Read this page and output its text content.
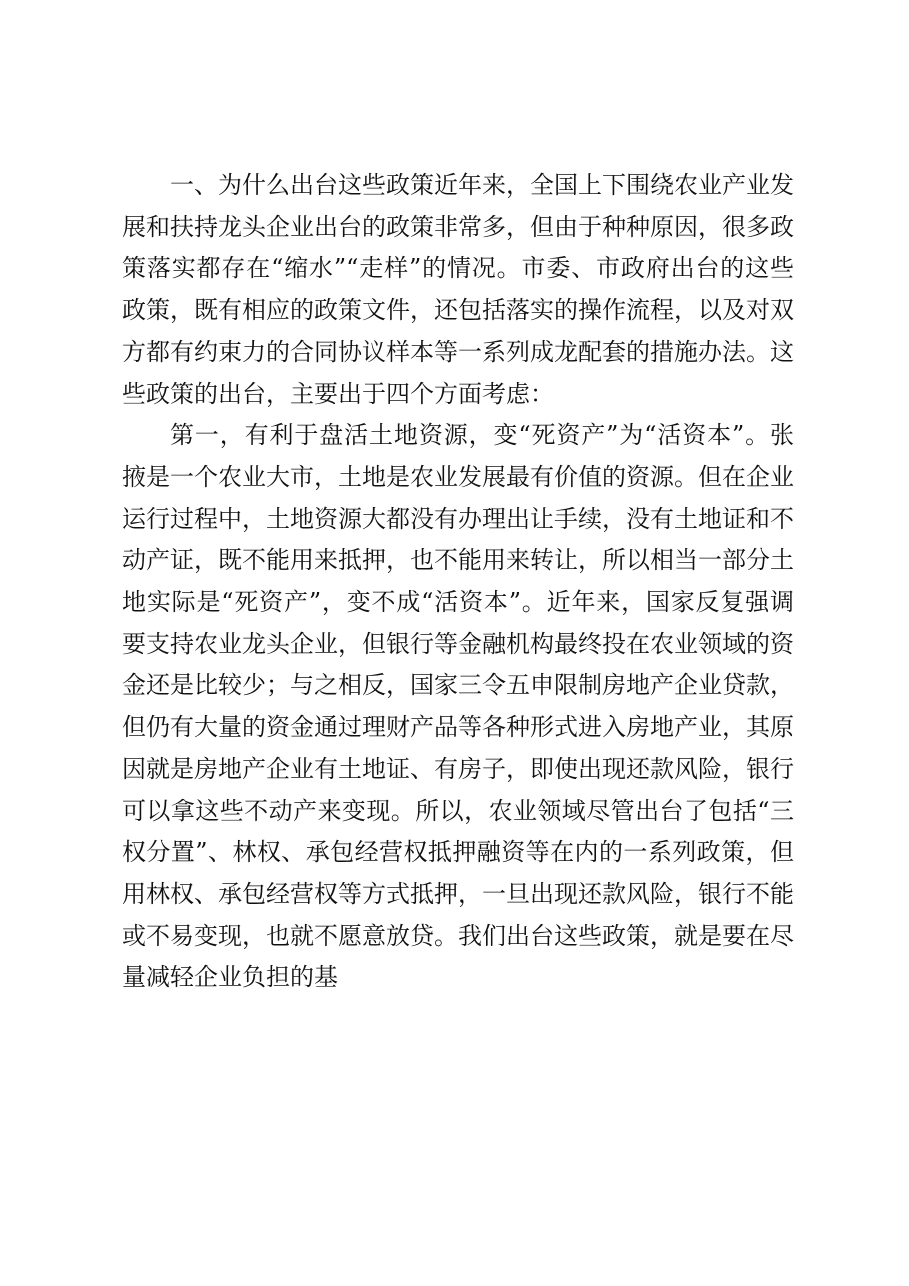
一、为什么出台这些政策近年来，全国上下围绕农业产业发展和扶持龙头企业出台的政策非常多，但由于种种原因，很多政策落实都存在“缩水”“走样”的情况。市委、市政府出台的这些政策，既有相应的政策文件，还包括落实的操作流程，以及对双方都有约束力的合同协议样本等一系列成龙配套的措施办法。这些政策的出台，主要出于四个方面考虑：

第一，有利于盘活土地资源，变“死资产”为“活资本”。张掖是一个农业大市，土地是农业发展最有价值的资源。但在企业运行过程中，土地资源大都没有办理出让手续，没有土地证和不动产证，既不能用来抵押，也不能用来转让，所以相当一部分土地实际是“死资产”，变不成“活资本”。近年来，国家反复强调要支持农业龙头企业，但银行等金融机构最终投在农业领域的资金还是比较少；与之相反，国家三令五申限制房地产企业贷款，但仍有大量的资金通过理财产品等各种形式进入房地产业，其原因就是房地产企业有土地证、有房子，即使出现还款风险，银行可以拿这些不动产来变现。所以，农业领域尽管出台了包括“三权分置”、林权、承包经营权抵押融资等在内的一系列政策，但用林权、承包经营权等方式抵押，一旦出现还款风险，银行不能或不易变现，也就不愿意放贷。我们出台这些政策，就是要在尽量减轻企业负担的基
